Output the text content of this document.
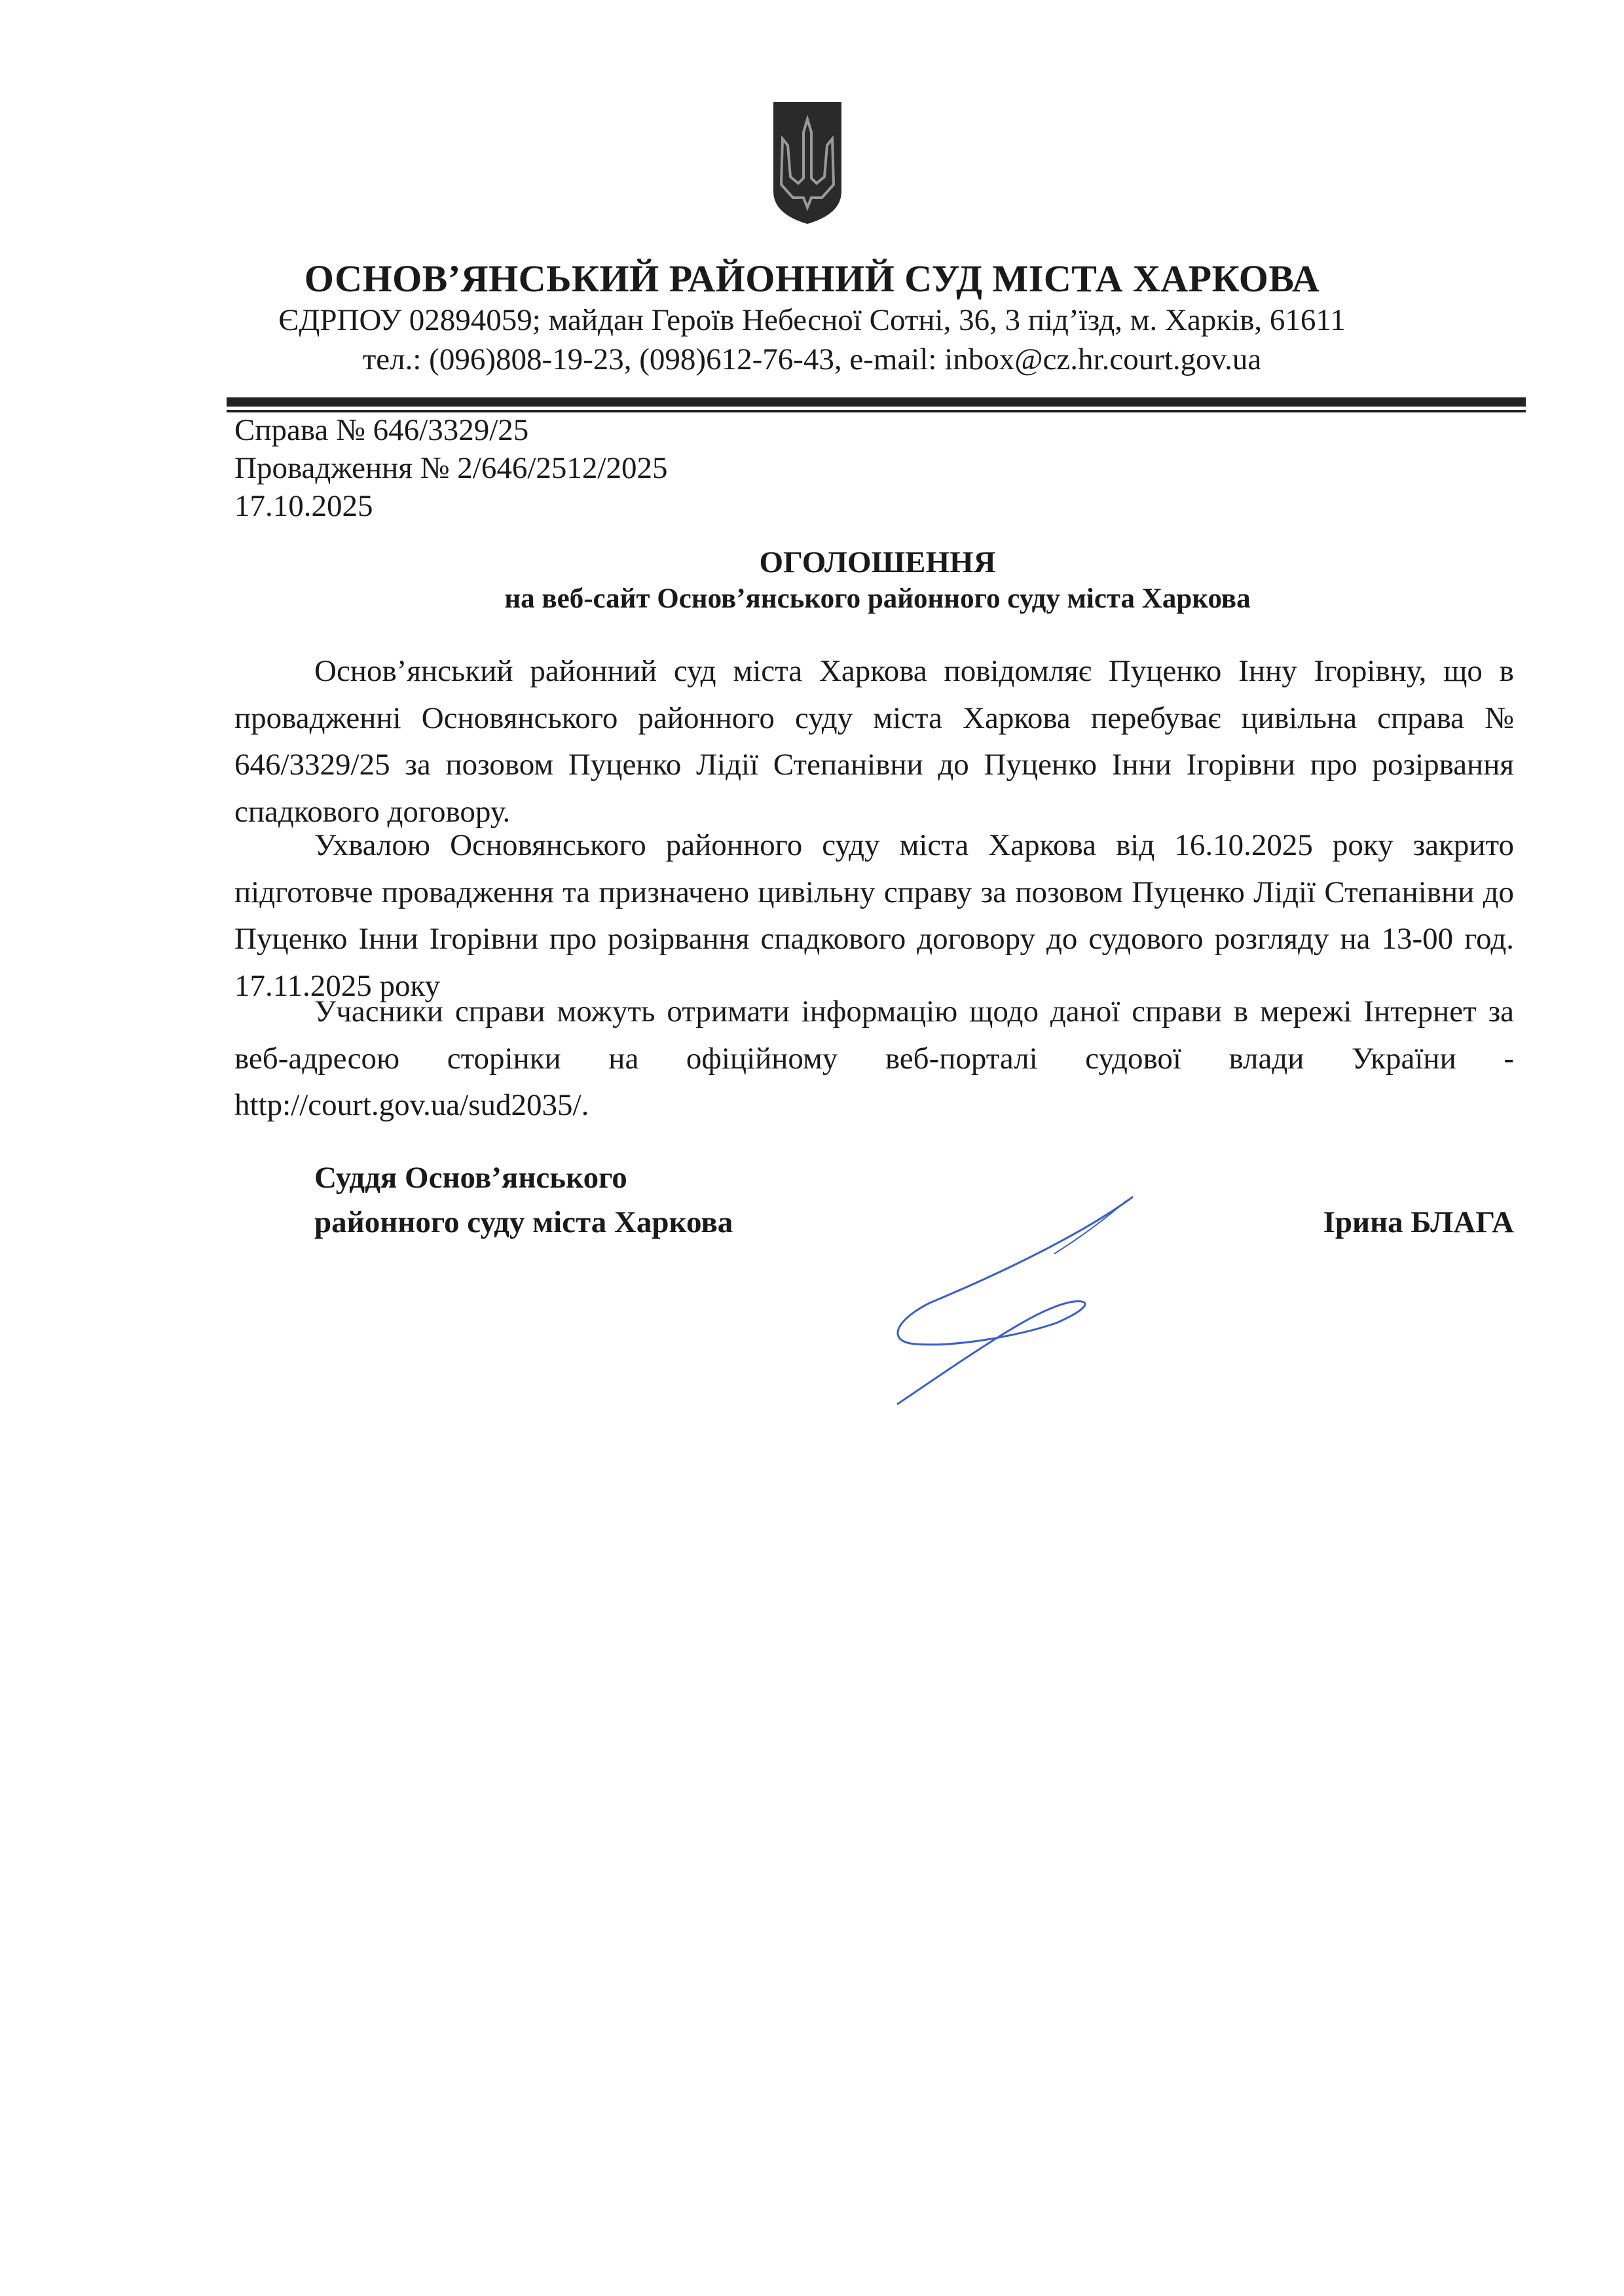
ОСНОВ’ЯНСЬКИЙ РАЙОННИЙ СУД МІСТА ХАРКОВА
ЄДРПОУ 02894059; майдан Героїв Небесної Сотні, 36, 3 під’їзд, м. Харків, 61611
тел.: (096)808-19-23, (098)612-76-43, e-mail: inbox@cz.hr.court.gov.ua
Справа № 646/3329/25
Провадження № 2/646/2512/2025
17.10.2025
ОГОЛОШЕННЯ
на веб-сайт Основ’янського районного суду міста Харкова
Основ’янський районний суд міста Харкова повідомляє Пуценко Інну Ігорівну, що в провадженні Основянського районного суду міста Харкова перебуває цивільна справа № 646/3329/25 за позовом Пуценко Лідії Степанівни до Пуценко Інни Ігорівни про розірвання спадкового договору.
Ухвалою Основянського районного суду міста Харкова від 16.10.2025 року закрито підготовче провадження та призначено цивільну справу за позовом Пуценко Лідії Степанівни до Пуценко Інни Ігорівни про розірвання спадкового договору до судового розгляду на 13-00 год. 17.11.2025 року
Учасники справи можуть отримати інформацію щодо даної справи в мережі Інтернет за веб-адресою сторінки на офіційному веб-порталі судової влади України - http://court.gov.ua/sud2035/.
Суддя Основ’янського
районного суду міста Харкова	Ірина БЛАГА
